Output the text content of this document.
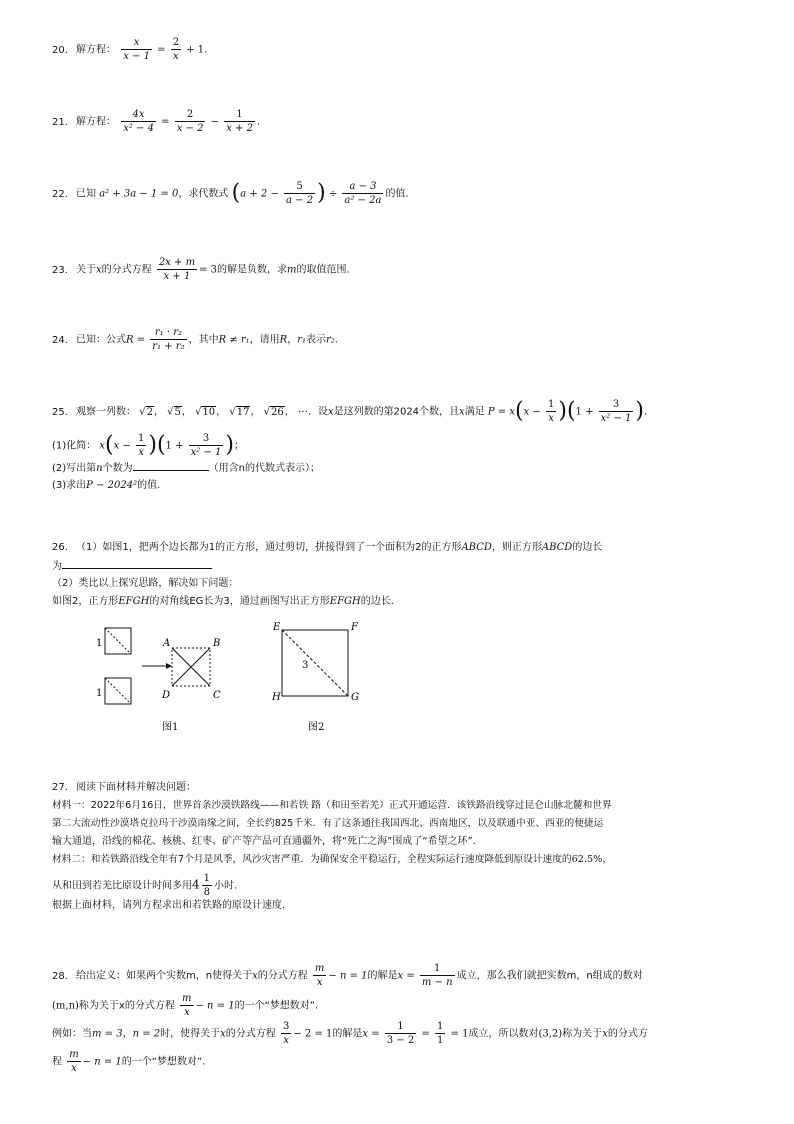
20. 解方程： $\frac{x}{x - 1} = \frac{2}{x} + 1$.
21. 解方程： $\frac{4x}{\text{x² − 4}} = \frac{2}{x - 2} - \frac{1}{x + 2}$ .
22. 已知 a² + 3a − 1 = 0，求代数式 ($a + 2 - \frac{5}{a - 2}$ ) ÷ $\frac{a - 3}{\text{a² − 2a}}$ 的值.
23. 关于x的分式方程 $\frac{2x + m}{x + 1} = 3$的解是负数，求m的取值范围.
24. 已知：公式$R = \frac{\text{r₁ · r₂}}{\text{r₁ + r₂}}$ ，其中R ≠ r₁，请用R，r₁表示r₂.
25. 观察一列数： √2， √5， √10， √17， √26， ⋯．设x是这列数的第2024个数，且x满足 $P = x(x - \frac{1}{x} )(1 + \frac{3}{\text{x² − 1}}$ ).
(1)化简： $x(x - \frac{1}{x} )(1 + \frac{3}{\text{x² − 1}}$ )；
(2)写出第n个数为	（用含n的代数式表示）；
(3)求出P − 2024²的值.
26. （1）如图1，把两个边长都为1的正方形，通过剪切，拼接得到了一个面积为2的正方形ABCD，则正方形ABCD的边长
为
（2）类比以上探究思路，解决如下问题：
如图2，正方形EFGH的对角线EG长为3，通过画图写出正方形EFGH的边长.
1
1
A	B
C
D
图1
3
E	F
G
H
图2
27. 阅读下面材料并解决问题：
材料一：2022年6月16日，世界首条沙漠铁路线——和若铁 路（和田至若羌）正式开通运营．该铁路沿线穿过昆仑山脉北麓和世界
第二大流动性沙漠塔克拉玛干沙漠南缘之间，全长约825千米．有了这条通往我国西北、西南地区，以及联通中亚、西亚的便捷运
输大通道，沿线的棉花、核桃、红枣、矿产等产品可直通疆外，将“死亡之海”围成了“希望之环”．
材料二：和若铁路沿线全年有7个月是风季，风沙灾害严重．为确保安全平稳运行，全程实际运行速度降低到原设计速度的62.5%，
从和田到若羌比原设计时间多用$4 \frac{1}{8}$ 小时.
根据上面材料，请列方程求出和若铁路的原设计速度.
28. 给出定义：如果两个实数m，n使得关于x的分式方程 $\frac{m}{x} - n = 1$的解是$x = \frac{1}{m - n}$ 成立，那么我们就把实数m，n组成的数对
(m,n)称为关于x的分式方程 $\frac{m}{x} - n = 1$的一个“梦想数对”．
例如：当m = 3，n = 2时，使得关于x的分式方程 $\frac{3}{x} - 2 = 1$的解是$x = \frac{1}{3 - 2} = \frac{1}{1} = 1$成立，所以数对(3,2)称为关于x的分式方
程 $\frac{m}{x} - n = 1$的一个“梦想数对”．
